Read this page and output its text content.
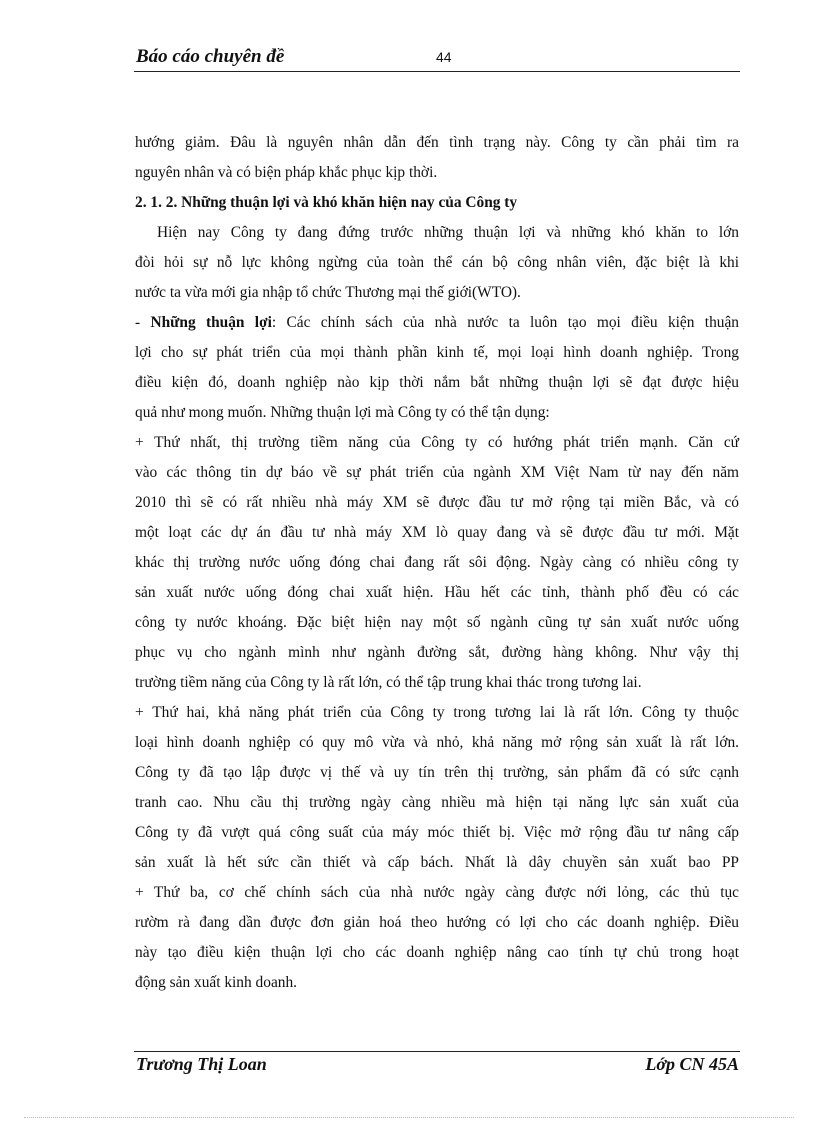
Báo cáo chuyên đề	44

hướng giảm. Đâu là nguyên nhân dẫn đến tình trạng này. Công ty cần phải tìm ra

nguyên nhân và có biện pháp khắc phục kịp thời.

2. 1. 2. Những thuận lợi và khó khăn hiện nay của Công ty

Hiện nay Công ty đang đứng trước những thuận lợi và những khó khăn to lớn

đòi hỏi sự nỗ lực không ngừng của toàn thể cán bộ công nhân viên, đặc biệt là khi

nước ta vừa mới gia nhập tổ chức Thương mại thế giới(WTO).

- Những thuận lợi: Các chính sách của nhà nước ta luôn tạo mọi điều kiện thuận

lợi cho sự phát triển của mọi thành phần kinh tế, mọi loại hình doanh nghiệp. Trong

điều kiện đó, doanh nghiệp nào kịp thời nắm bắt những thuận lợi sẽ đạt được hiệu

quả như mong muốn. Những thuận lợi mà Công ty có thể tận dụng:

+ Thứ nhất, thị trường tiềm năng của Công ty có hướng phát triển mạnh. Căn cứ

vào các thông tin dự báo về sự phát triển của ngành XM Việt Nam từ nay đến năm

2010 thì sẽ có rất nhiều nhà máy XM sẽ được đầu tư mở rộng tại miền Bắc, và có

một loạt các dự án đầu tư nhà máy XM lò quay đang và sẽ được đầu tư mới. Mặt

khác thị trường nước uống đóng chai đang rất sôi động. Ngày càng có nhiều công ty

sản xuất nước uống đóng chai xuất hiện. Hầu hết các tỉnh, thành phố đều có các

công ty nước khoáng. Đặc biệt hiện nay một số ngành cũng tự sản xuất nước uống

phục vụ cho ngành mình như ngành đường sắt, đường hàng không. Như vậy thị

trường tiềm năng của Công ty là rất lớn, có thể tập trung khai thác trong tương lai.

+ Thứ hai, khả năng phát triển của Công ty trong tương lai là rất lớn. Công ty thuộc

loại hình doanh nghiệp có quy mô vừa và nhỏ, khả năng mở rộng sản xuất là rất lớn.

Công ty đã tạo lập được vị thế và uy tín trên thị trường, sản phẩm đã có sức cạnh

tranh cao. Nhu cầu thị trường ngày càng nhiều mà hiện tại năng lực sản xuất của

Công ty đã vượt quá công suất của máy móc thiết bị. Việc mở rộng đầu tư nâng cấp

sản xuất là hết sức cần thiết và cấp bách. Nhất là dây chuyền sản xuất bao PP

+ Thứ ba, cơ chế chính sách của nhà nước ngày càng được nới lỏng, các thủ tục

rườm rà đang dần được đơn giản hoá theo hướng có lợi cho các doanh nghiệp. Điều

này tạo điều kiện thuận lợi cho các doanh nghiệp nâng cao tính tự chủ trong hoạt

động sản xuất kinh doanh.

Trương Thị Loan	Lớp CN 45A
